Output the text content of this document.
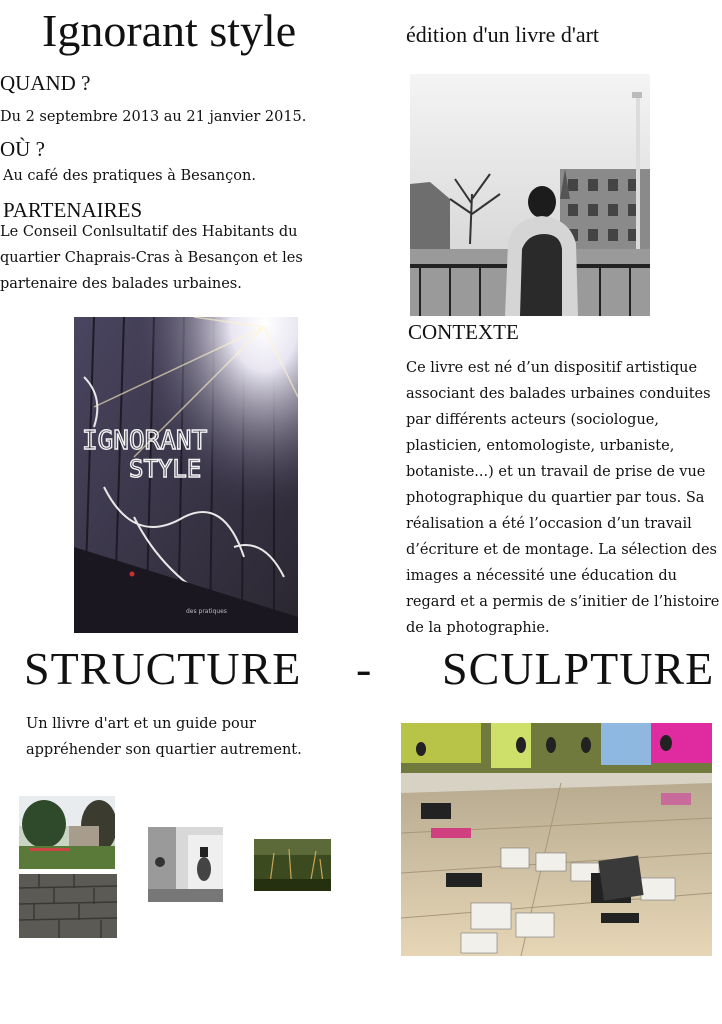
Ignorant style	édition d'un livre d'art
QUAND ?
Du 2 septembre 2013 au 21 janvier 2015.
OÙ ?
Au café des pratiques à Besançon.
PARTENAIRES
Le Conseil Conlsultatif des Habitants du
quartier Chaprais-Cras à Besançon et les
partenaire des balades urbaines.
IGNORANT
STYLE
des pratiques
CONTEXTE
Ce livre est né d’un dispositif artistique
associant des balades urbaines conduites
par différents acteurs (sociologue,
plasticien, entomologiste, urbaniste,
botaniste...) et un travail de prise de vue
photographique du quartier par tous. Sa
réalisation a été l’occasion d’un travail
d’écriture et de montage. La sélection des
images a nécessité une éducation du
regard et a permis de s’initier de l’histoire
de la photographie.
STRUCTURE - SCULPTURE
Un llivre d'art et un guide pour
appréhender son quartier autrement.
